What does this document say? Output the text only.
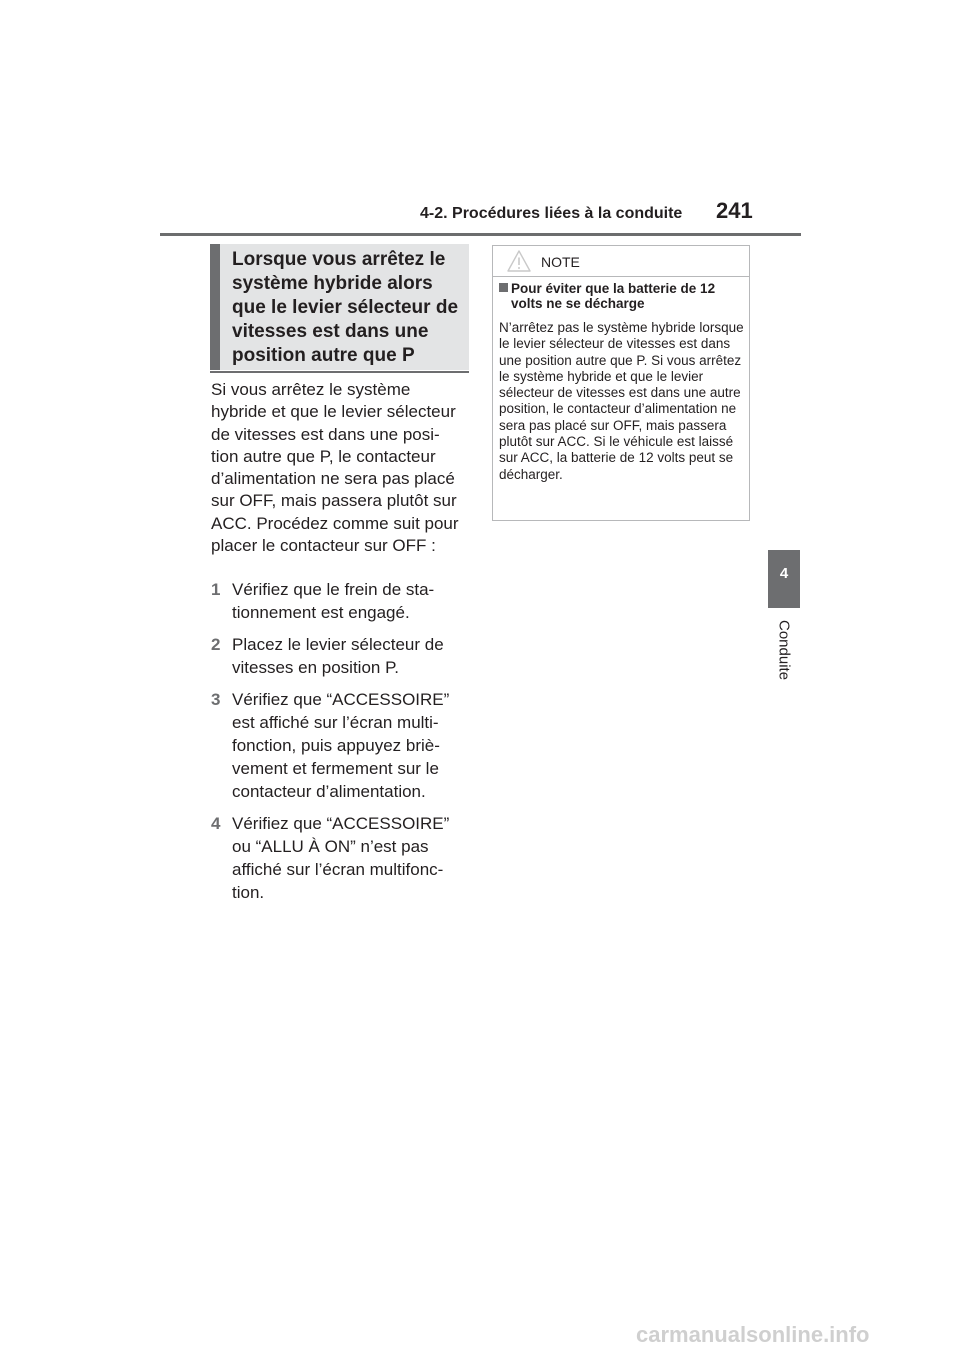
4-2. Procédures liées à la conduite 241
4
Conduite
Lorsque vous arrêtez le système hybride alors que le levier sélecteur de vitesses est dans une position autre que P

Si vous arrêtez le système hybride et que le levier sélecteur de vitesses est dans une posi-tion autre que P, le contacteur d’alimentation ne sera pas placé sur OFF, mais passera plutôt sur ACC. Procédez comme suit pour placer le contacteur sur OFF :

1 Vérifiez que le frein de sta-tionnement est engagé.
2 Placez le levier sélecteur de vitesses en position P.
3 Vérifiez que “ACCESSOIRE” est affiché sur l’écran multi-fonction, puis appuyez briè-vement et fermement sur le contacteur d’alimentation.
4 Vérifiez que “ACCESSOIRE” ou “ALLU À ON” n’est pas affiché sur l’écran multifonc-tion.
NOTE
Pour éviter que la batterie de 12 volts ne se décharge

N’arrêtez pas le système hybride lorsque le levier sélecteur de vitesses est dans une position autre que P. Si vous arrêtez le système hybride et que le levier sélecteur de vitesses est dans une autre position, le contacteur d’alimentation ne sera pas placé sur OFF, mais passera plutôt sur ACC. Si le véhicule est laissé sur ACC, la batterie de 12 volts peut se décharger.

carmanualsonline.info
